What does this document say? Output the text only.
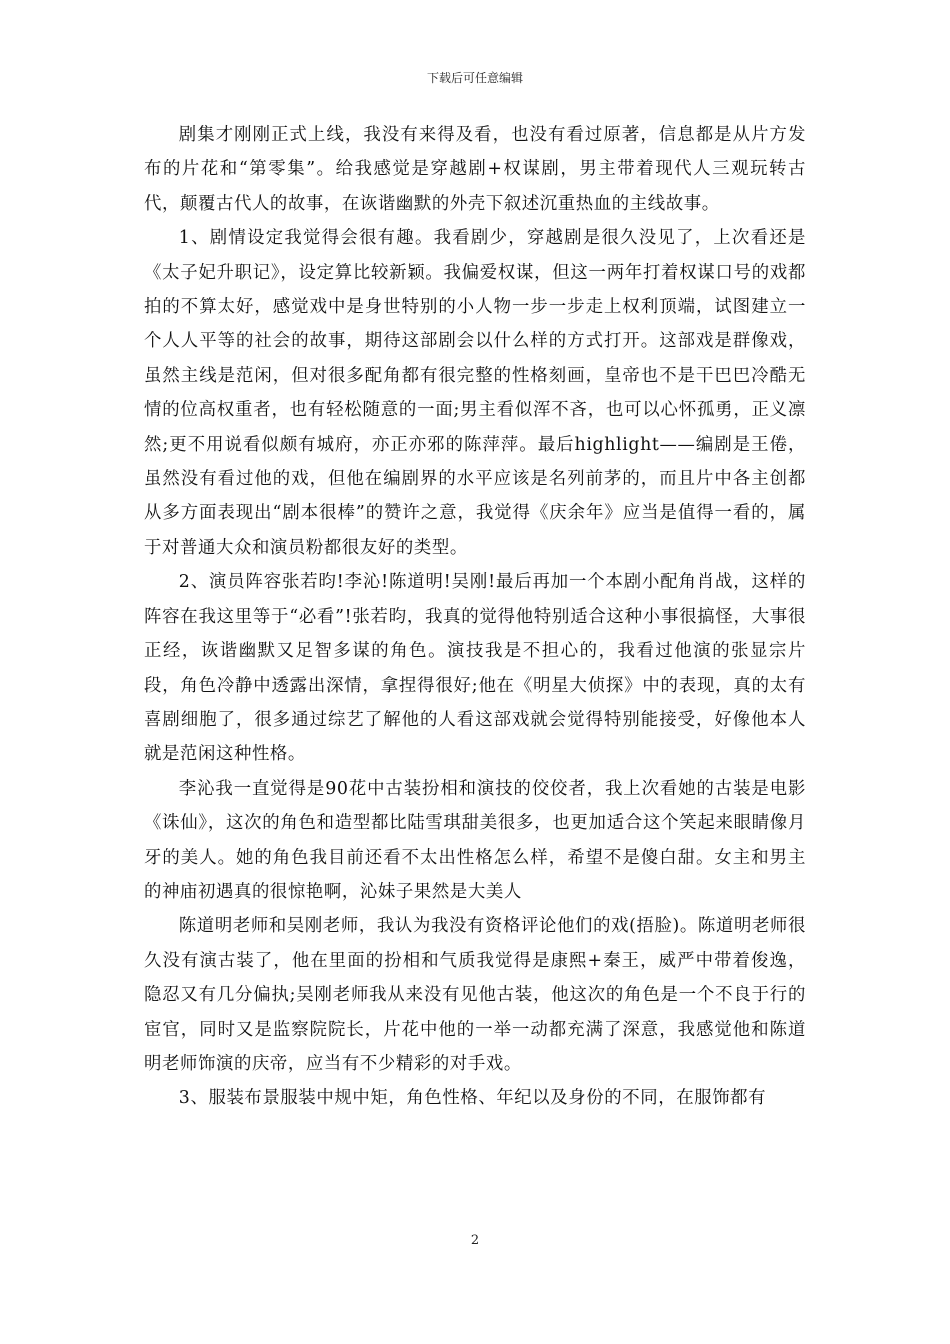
下载后可任意编辑

剧集才刚刚正式上线，我没有来得及看，也没有看过原著，信息都是从片方发布的片花和“第零集”。给我感觉是穿越剧+权谋剧，男主带着现代人三观玩转古代，颠覆古代人的故事，在诙谐幽默的外壳下叙述沉重热血的主线故事。

1、剧情设定我觉得会很有趣。我看剧少，穿越剧是很久没见了，上次看还是《太子妃升职记》，设定算比较新颖。我偏爱权谋，但这一两年打着权谋口号的戏都拍的不算太好，感觉戏中是身世特别的小人物一步一步走上权利顶端，试图建立一个人人平等的社会的故事，期待这部剧会以什么样的方式打开。这部戏是群像戏，虽然主线是范闲，但对很多配角都有很完整的性格刻画，皇帝也不是干巴巴冷酷无情的位高权重者，也有轻松随意的一面;男主看似浑不吝，也可以心怀孤勇，正义凛然;更不用说看似颇有城府，亦正亦邪的陈萍萍。最后highlight——编剧是王倦，虽然没有看过他的戏，但他在编剧界的水平应该是名列前茅的，而且片中各主创都从多方面表现出“剧本很棒”的赞许之意，我觉得《庆余年》应当是值得一看的，属于对普通大众和演员粉都很友好的类型。

2、演员阵容张若昀!李沁!陈道明!吴刚!最后再加一个本剧小配角肖战，这样的阵容在我这里等于“必看”!张若昀，我真的觉得他特别适合这种小事很搞怪，大事很正经，诙谐幽默又足智多谋的角色。演技我是不担心的，我看过他演的张显宗片段，角色冷静中透露出深情，拿捏得很好;他在《明星大侦探》中的表现，真的太有喜剧细胞了，很多通过综艺了解他的人看这部戏就会觉得特别能接受，好像他本人就是范闲这种性格。

李沁我一直觉得是90花中古装扮相和演技的佼佼者，我上次看她的古装是电影《诛仙》，这次的角色和造型都比陆雪琪甜美很多，也更加适合这个笑起来眼睛像月牙的美人。她的角色我目前还看不太出性格怎么样，希望不是傻白甜。女主和男主的神庙初遇真的很惊艳啊，沁妹子果然是大美人

陈道明老师和吴刚老师，我认为我没有资格评论他们的戏(捂脸)。陈道明老师很久没有演古装了，他在里面的扮相和气质我觉得是康熙+秦王，威严中带着俊逸，隐忍又有几分偏执;吴刚老师我从来没有见他古装，他这次的角色是一个不良于行的宦官，同时又是监察院院长，片花中他的一举一动都充满了深意，我感觉他和陈道明老师饰演的庆帝，应当有不少精彩的对手戏。

3、服装布景服装中规中矩，角色性格、年纪以及身份的不同，在服饰都有

2
